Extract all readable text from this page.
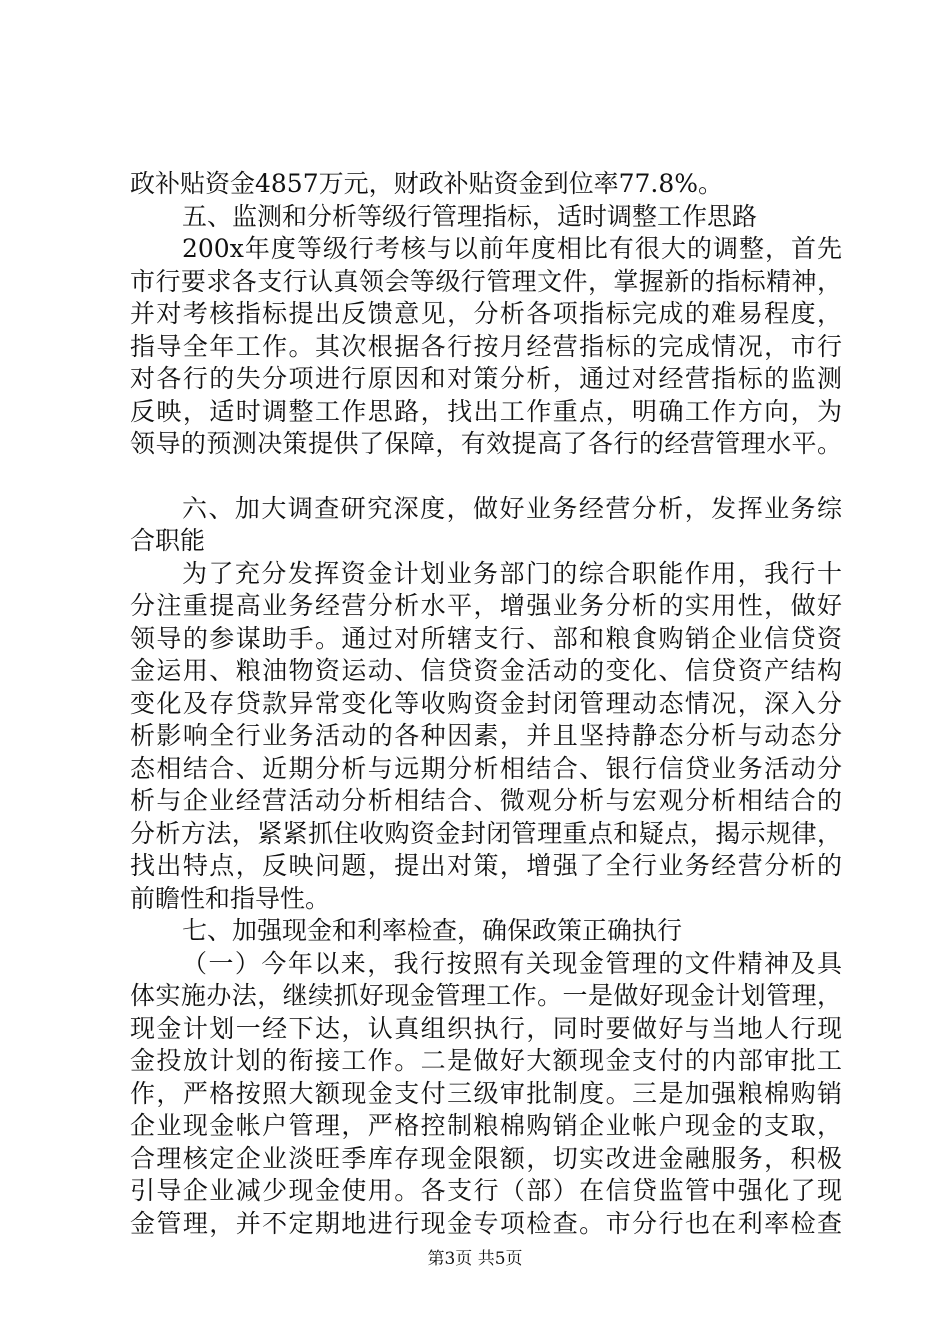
政补贴资金4857万元，财政补贴资金到位率77.8%。
五、监测和分析等级行管理指标，适时调整工作思路
200x年度等级行考核与以前年度相比有很大的调整，首先
市行要求各支行认真领会等级行管理文件，掌握新的指标精神，
并对考核指标提出反馈意见，分析各项指标完成的难易程度，
指导全年工作。其次根据各行按月经营指标的完成情况，市行
对各行的失分项进行原因和对策分析，通过对经营指标的监测
反映，适时调整工作思路，找出工作重点，明确工作方向，为
领导的预测决策提供了保障，有效提高了各行的经营管理水平。
六、加大调查研究深度，做好业务经营分析，发挥业务综
合职能
为了充分发挥资金计划业务部门的综合职能作用，我行十
分注重提高业务经营分析水平，增强业务分析的实用性，做好
领导的参谋助手。通过对所辖支行、部和粮食购销企业信贷资
金运用、粮油物资运动、信贷资金活动的变化、信贷资产结构
变化及存贷款异常变化等收购资金封闭管理动态情况，深入分
析影响全行业务活动的各种因素，并且坚持静态分析与动态分
态相结合、近期分析与远期分析相结合、银行信贷业务活动分
析与企业经营活动分析相结合、微观分析与宏观分析相结合的
分析方法，紧紧抓住收购资金封闭管理重点和疑点，揭示规律，
找出特点，反映问题，提出对策，增强了全行业务经营分析的
前瞻性和指导性。
七、加强现金和利率检查，确保政策正确执行
（一）今年以来，我行按照有关现金管理的文件精神及具
体实施办法，继续抓好现金管理工作。一是做好现金计划管理，
现金计划一经下达，认真组织执行，同时要做好与当地人行现
金投放计划的衔接工作。二是做好大额现金支付的内部审批工
作，严格按照大额现金支付三级审批制度。三是加强粮棉购销
企业现金帐户管理，严格控制粮棉购销企业帐户现金的支取，
合理核定企业淡旺季库存现金限额，切实改进金融服务，积极
引导企业减少现金使用。各支行（部）在信贷监管中强化了现
金管理，并不定期地进行现金专项检查。市分行也在利率检查
第3页 共5页
